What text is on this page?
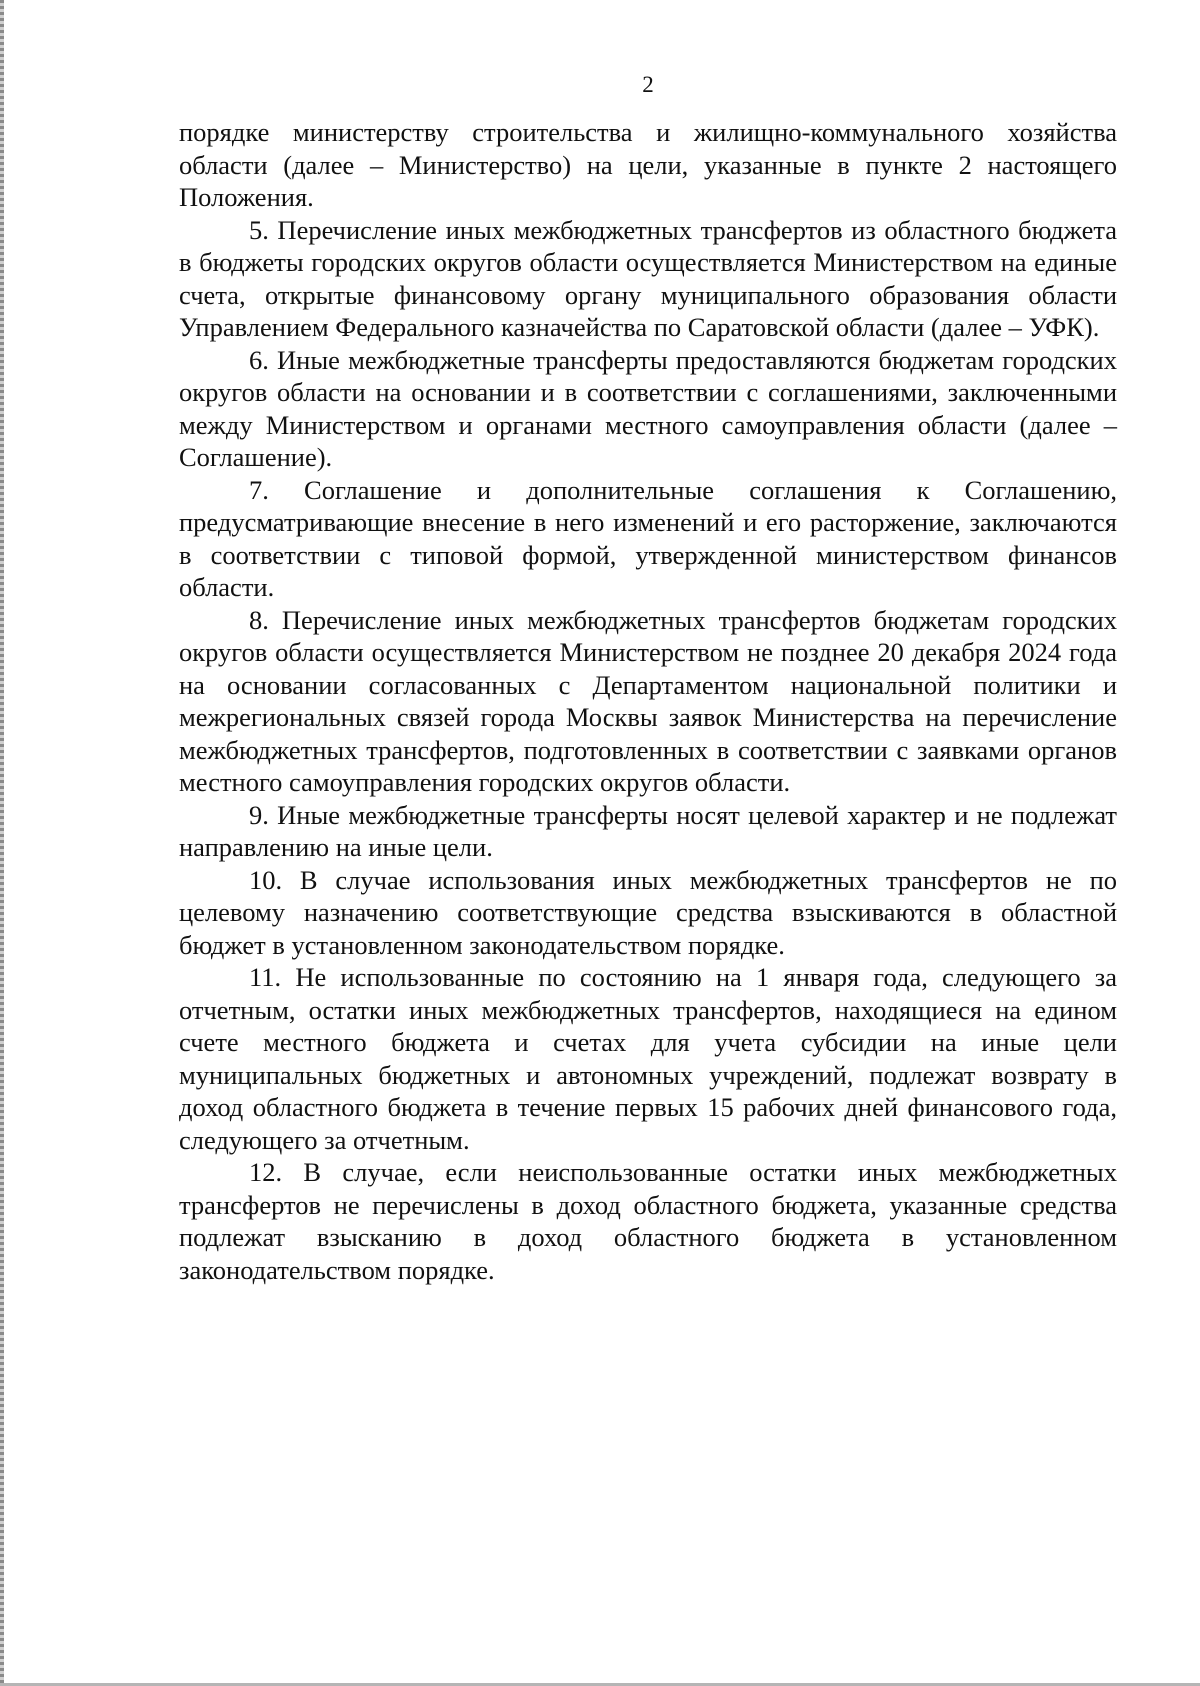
2

порядке министерству строительства и жилищно-коммунального хозяйства области (далее – Министерство) на цели, указанные в пункте 2 настоящего Положения.

5. Перечисление иных межбюджетных трансфертов из областного бюджета в бюджеты городских округов области осуществляется Министерством на единые счета, открытые финансовому органу муниципального образования области Управлением Федерального казначейства по Саратовской области (далее – УФК).

6. Иные межбюджетные трансферты предоставляются бюджетам городских округов области на основании и в соответствии с соглашениями, заключенными между Министерством и органами местного самоуправления области (далее – Соглашение).

7. Соглашение и дополнительные соглашения к Соглашению, предусматривающие внесение в него изменений и его расторжение, заключаются в соответствии с типовой формой, утвержденной министерством финансов области.

8. Перечисление иных межбюджетных трансфертов бюджетам городских округов области осуществляется Министерством не позднее 20 декабря 2024 года на основании согласованных с Департаментом национальной политики и межрегиональных связей города Москвы заявок Министерства на перечисление межбюджетных трансфертов, подготовленных в соответствии с заявками органов местного самоуправления городских округов области.

9. Иные межбюджетные трансферты носят целевой характер и не подлежат направлению на иные цели.

10. В случае использования иных межбюджетных трансфертов не по целевому назначению соответствующие средства взыскиваются в областной бюджет в установленном законодательством порядке.

11. Не использованные по состоянию на 1 января года, следующего за отчетным, остатки иных межбюджетных трансфертов, находящиеся на едином счете местного бюджета и счетах для учета субсидии на иные цели муниципальных бюджетных и автономных учреждений, подлежат возврату в доход областного бюджета в течение первых 15 рабочих дней финансового года, следующего за отчетным.

12. В случае, если неиспользованные остатки иных межбюджетных трансфертов не перечислены в доход областного бюджета, указанные средства подлежат взысканию в доход областного бюджета в установленном законодательством порядке.
